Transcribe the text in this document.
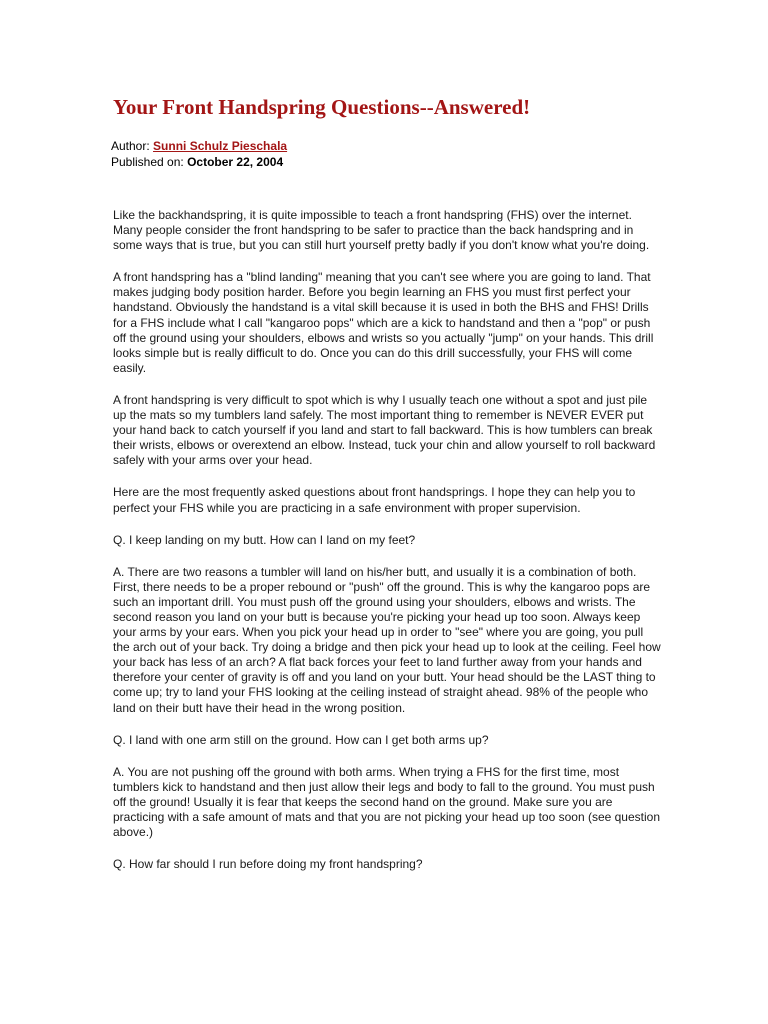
Your Front Handspring Questions--Answered!
Author: Sunni Schulz Pieschala
Published on: October 22, 2004

Like the backhandspring, it is quite impossible to teach a front handspring (FHS) over the internet. Many people consider the front handspring to be safer to practice than the back handspring and in some ways that is true, but you can still hurt yourself pretty badly if you don't know what you're doing.

A front handspring has a "blind landing" meaning that you can't see where you are going to land. That makes judging body position harder. Before you begin learning an FHS you must first perfect your handstand. Obviously the handstand is a vital skill because it is used in both the BHS and FHS! Drills for a FHS include what I call "kangaroo pops" which are a kick to handstand and then a "pop" or push off the ground using your shoulders, elbows and wrists so you actually "jump" on your hands. This drill looks simple but is really difficult to do. Once you can do this drill successfully, your FHS will come easily.

A front handspring is very difficult to spot which is why I usually teach one without a spot and just pile up the mats so my tumblers land safely. The most important thing to remember is NEVER EVER put your hand back to catch yourself if you land and start to fall backward. This is how tumblers can break their wrists, elbows or overextend an elbow. Instead, tuck your chin and allow yourself to roll backward safely with your arms over your head.

Here are the most frequently asked questions about front handsprings. I hope they can help you to perfect your FHS while you are practicing in a safe environment with proper supervision.

Q. I keep landing on my butt. How can I land on my feet?

A. There are two reasons a tumbler will land on his/her butt, and usually it is a combination of both. First, there needs to be a proper rebound or "push" off the ground. This is why the kangaroo pops are such an important drill. You must push off the ground using your shoulders, elbows and wrists. The second reason you land on your butt is because you're picking your head up too soon. Always keep your arms by your ears. When you pick your head up in order to "see" where you are going, you pull the arch out of your back. Try doing a bridge and then pick your head up to look at the ceiling. Feel how your back has less of an arch? A flat back forces your feet to land further away from your hands and therefore your center of gravity is off and you land on your butt. Your head should be the LAST thing to come up; try to land your FHS looking at the ceiling instead of straight ahead. 98% of the people who land on their butt have their head in the wrong position.

Q. I land with one arm still on the ground. How can I get both arms up?

A. You are not pushing off the ground with both arms. When trying a FHS for the first time, most tumblers kick to handstand and then just allow their legs and body to fall to the ground. You must push off the ground! Usually it is fear that keeps the second hand on the ground. Make sure you are practicing with a safe amount of mats and that you are not picking your head up too soon (see question above.)

Q. How far should I run before doing my front handspring?
